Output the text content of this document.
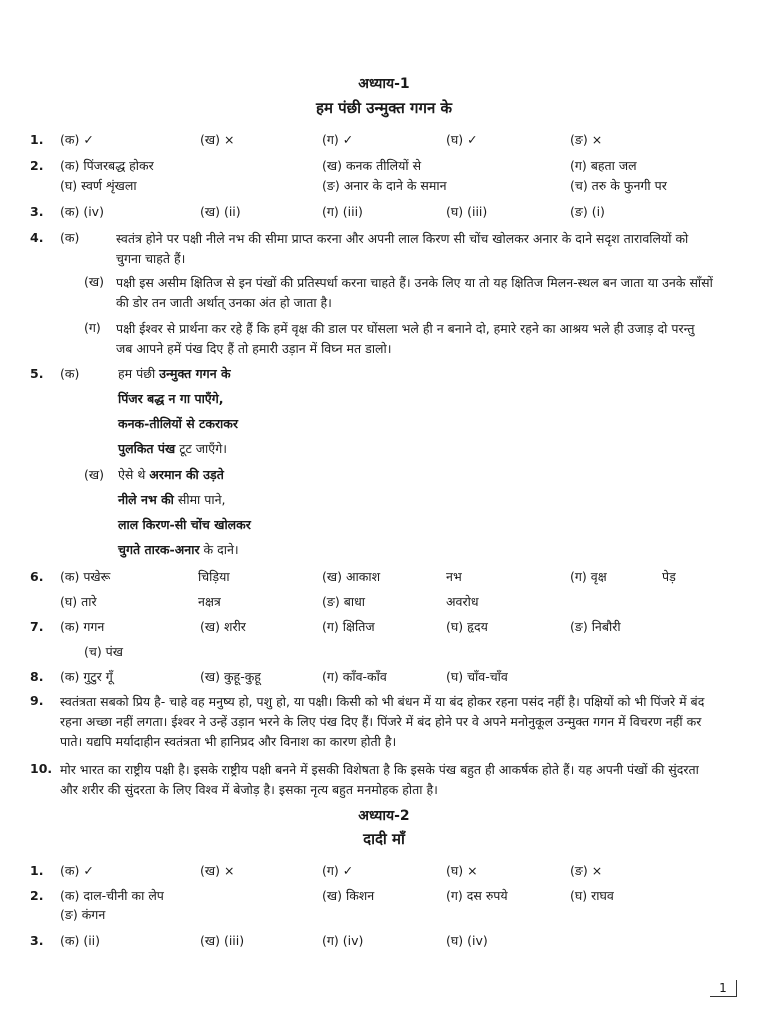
अध्याय-1
हम पंछी उन्मुक्त गगन के
1. (क) ✓	(ख) ×	(ग) ✓	(घ) ✓	(ङ) ×
2. (क) पिंजरबद्ध होकर	(ख) कनक तीलियों से	(ग) बहता जल
(घ) स्वर्ण शृंखला	(ङ) अनार के दाने के समान	(च) तरु के फुनगी पर
3. (क) (iv)	(ख) (ii)	(ग) (iii)	(घ) (iii)	(ङ) (i)
4. (क)	स्वतंत्र होने पर पक्षी नीले नभ की सीमा प्राप्त करना और अपनी लाल किरण सी चोंच खोलकर अनार के दाने सदृश तारावलियों को चुगना चाहते हैं।
(ख) पक्षी इस असीम क्षितिज से इन पंखों की प्रतिस्पर्धा करना चाहते हैं। उनके लिए या तो यह क्षितिज मिलन-स्थल बन जाता या उनके साँसों की डोर तन जाती अर्थात् उनका अंत हो जाता है।
(ग) पक्षी ईश्वर से प्रार्थना कर रहे हैं कि हमें वृक्ष की डाल पर घोंसला भले ही न बनाने दो, हमारे रहने का आश्रय भले ही उजाड़ दो परन्तु जब आपने हमें पंख दिए हैं तो हमारी उड़ान में विघ्न मत डालो।
5. (क)	हम पंछी उन्मुक्त गगन के
पिंजर बद्ध न गा पाएँगे,
कनक-तीलियों से टकराकर
पुलकित पंख टूट जाएँगे।
(ख) ऐसे थे अरमान की उड़ते
नीले नभ की सीमा पाने,
लाल किरण-सी चोंच खोलकर
चुगते तारक-अनार के दाने।
6. (क) पखेरू	चिड़िया	(ख) आकाश	नभ	(ग) वृक्ष	पेड़
(घ) तारे	नक्षत्र	(ङ) बाधा	अवरोध
7. (क) गगन	(ख) शरीर	(ग) क्षितिज	(घ) हृदय	(ङ) निबौरी
(च) पंख
8. (क) गुटुर गूँ	(ख) कुहू-कुहू	(ग) काँव-काँव	(घ) चाँव-चाँव
9. स्वतंत्रता सबको प्रिय है- चाहे वह मनुष्य हो, पशु हो, या पक्षी। किसी को भी बंधन में या बंद होकर रहना पसंद नहीं है। पक्षियों को भी पिंजरे में बंद रहना अच्छा नहीं लगता। ईश्वर ने उन्हें उड़ान भरने के लिए पंख दिए हैं। पिंजरे में बंद होने पर वे अपने मनोनुकूल उन्मुक्त गगन में विचरण नहीं कर पाते। यद्यपि मर्यादाहीन स्वतंत्रता भी हानिप्रद और विनाश का कारण होती है।
10. मोर भारत का राष्ट्रीय पक्षी है। इसके राष्ट्रीय पक्षी बनने में इसकी विशेषता है कि इसके पंख बहुत ही आकर्षक होते हैं। यह अपनी पंखों की सुंदरता और शरीर की सुंदरता के लिए विश्व में बेजोड़ है। इसका नृत्य बहुत मनमोहक होता है।
अध्याय-2
दादी माँ
1. (क) ✓	(ख) ×	(ग) ✓	(घ) ×	(ङ) ×
2. (क) दाल-चीनी का लेप	(ख) किशन	(ग) दस रुपये	(घ) राघव
(ङ) कंगन
3. (क) (ii)	(ख) (iii)	(ग) (iv)	(घ) (iv)
1
